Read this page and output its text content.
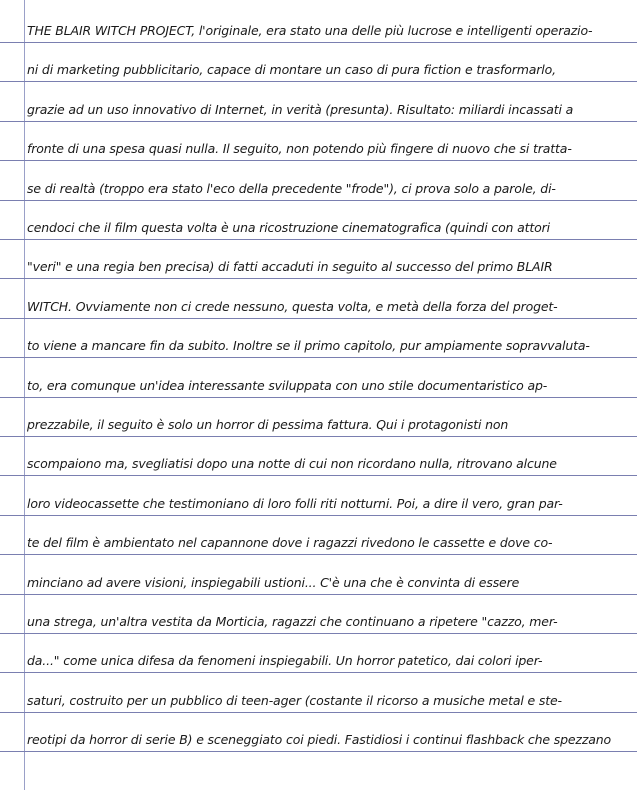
THE BLAIR WITCH PROJECT, l'originale, era stato una delle più lucrose e intelligenti operazio-
ni di marketing pubblicitario, capace di montare un caso di pura fiction e trasformarlo,
grazie ad un uso innovativo di Internet, in verità (presunta). Risultato: miliardi incassati a
fronte di una spesa quasi nulla. Il seguito, non potendo più fingere di nuovo che si tratta-
se di realtà (troppo era stato l'eco della precedente "frode"), ci prova solo a parole, di-
cendoci che il film questa volta è una ricostruzione cinematografica (quindi con attori
"veri" e una regia ben precisa) di fatti accaduti in seguito al successo del primo BLAIR
WITCH. Ovviamente non ci crede nessuno, questa volta, e metà della forza del proget-
to viene a mancare fin da subito. Inoltre se il primo capitolo, pur ampiamente sopravvaluta-
to, era comunque un'idea interessante sviluppata con uno stile documentaristico ap-
prezzabile, il seguito è solo un horror di pessima fattura. Qui i protagonisti non
scompaiono ma, svegliatisi dopo una notte di cui non ricordano nulla, ritrovano alcune
loro videocassette che testimoniano di loro folli riti notturni. Poi, a dire il vero, gran par-
te del film è ambientato nel capannone dove i ragazzi rivedono le cassette e dove co-
minciano ad avere visioni, inspiegabili ustioni... C'è una che è convinta di essere
una strega, un'altra vestita da Morticia, ragazzi che continuano a ripetere "cazzo, mer-
da..." come unica difesa da fenomeni inspiegabili. Un horror patetico, dai colori iper-
saturi, costruito per un pubblico di teen-ager (costante il ricorso a musiche metal e ste-
reotipi da horror di serie B) e sceneggiato coi piedi. Fastidiosi i continui flashback che spezzano
